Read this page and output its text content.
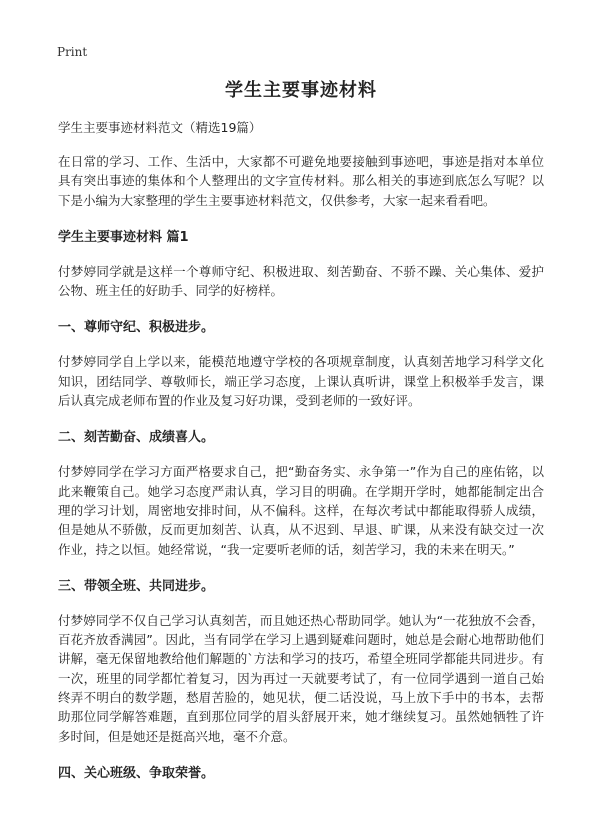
Print
学生主要事迹材料
学生主要事迹材料范文（精选19篇）

在日常的学习、工作、生活中，大家都不可避免地要接触到事迹吧，事迹是指对本单位具有突出事迹的集体和个人整理出的文字宣传材料。那么相关的事迹到底怎么写呢？以下是小编为大家整理的学生主要事迹材料范文，仅供参考，大家一起来看看吧。

学生主要事迹材料 篇1

付梦婷同学就是这样一个尊师守纪、积极进取、刻苦勤奋、不骄不躁、关心集体、爱护公物、班主任的好助手、同学的好榜样。

一、尊师守纪、积极进步。

付梦婷同学自上学以来，能模范地遵守学校的各项规章制度，认真刻苦地学习科学文化知识，团结同学、尊敬师长，端正学习态度，上课认真听讲，课堂上积极举手发言，课后认真完成老师布置的作业及复习好功课，受到老师的一致好评。

二、刻苦勤奋、成绩喜人。

付梦婷同学在学习方面严格要求自己，把“勤奋务实、永争第一”作为自己的座佑铭，以此来鞭策自己。她学习态度严肃认真，学习目的明确。在学期开学时，她都能制定出合理的学习计划，周密地安排时间，从不偏科。这样，在每次考试中都能取得骄人成绩，但是她从不骄傲，反而更加刻苦、认真，从不迟到、早退、旷课，从来没有缺交过一次作业，持之以恒。她经常说，“我一定要听老师的话，刻苦学习，我的未来在明天。”

三、带领全班、共同进步。

付梦婷同学不仅自己学习认真刻苦，而且她还热心帮助同学。她认为“一花独放不会香，百花齐放香满园”。因此，当有同学在学习上遇到疑难问题时，她总是会耐心地帮助他们讲解，毫无保留地教给他们解题的`方法和学习的技巧，希望全班同学都能共同进步。有一次，班里的同学都忙着复习，因为再过一天就要考试了，有一位同学遇到一道自己始终弄不明白的数学题，愁眉苦脸的，她见状，便二话没说，马上放下手中的书本，去帮助那位同学解答难题，直到那位同学的眉头舒展开来，她才继续复习。虽然她牺牲了许多时间，但是她还是挺高兴地，毫不介意。

四、关心班级、争取荣誉。
